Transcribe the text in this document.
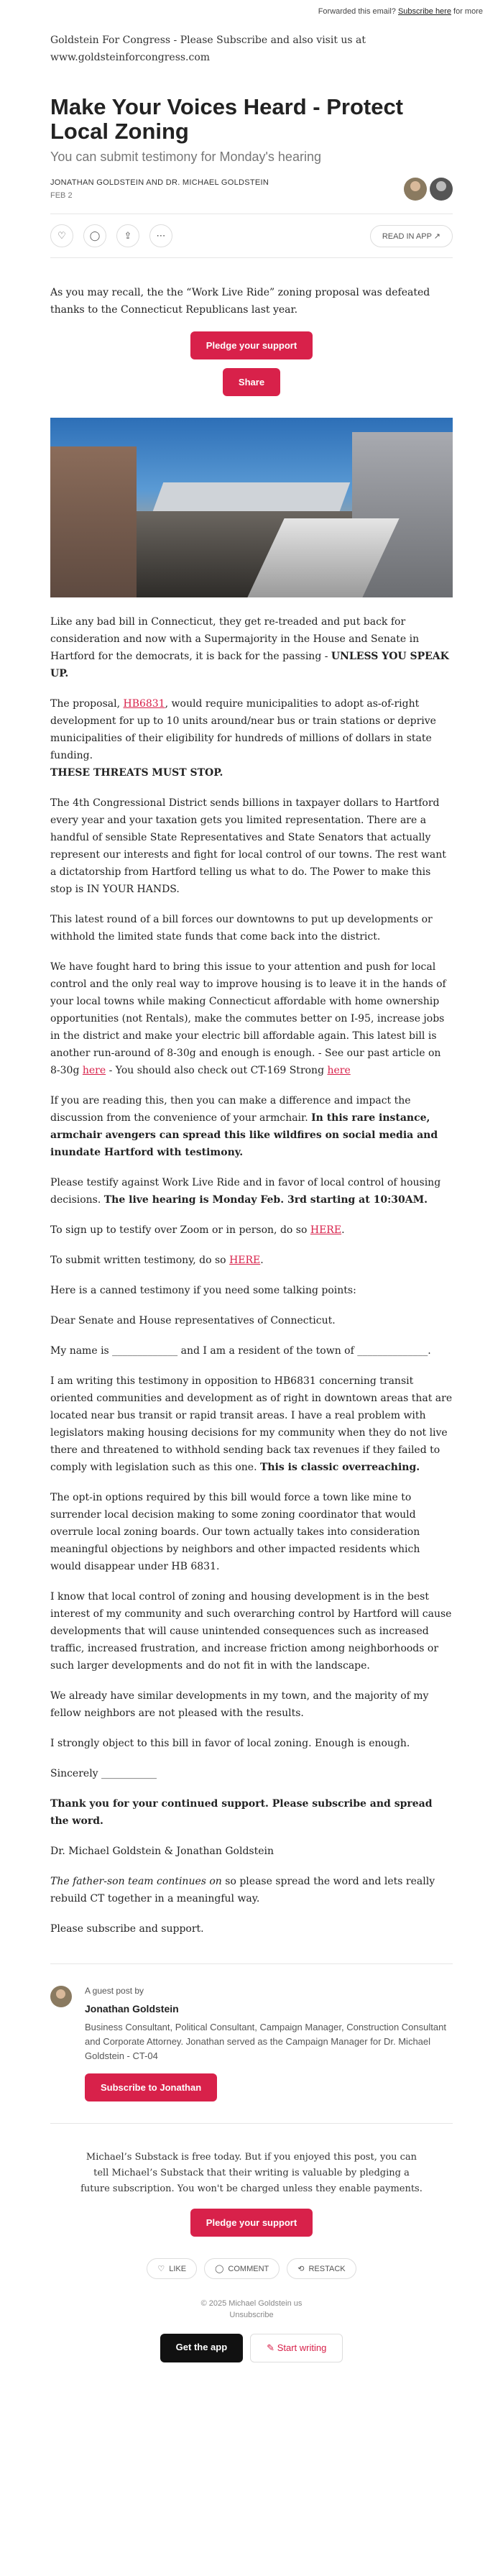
Forwarded this email? Subscribe here for more
Goldstein For Congress - Please Subscribe and also visit us at www.goldsteinforcongress.com
Make Your Voices Heard - Protect Local Zoning
You can submit testimony for Monday's hearing
JONATHAN GOLDSTEIN AND DR. MICHAEL GOLDSTEIN
FEB 2
♡	◯	⇪	⋯	READ IN APP ↗

As you may recall, the the “Work Live Ride” zoning proposal was defeated thanks to the Connecticut Republicans last year.

Pledge your support
Share

Like any bad bill in Connecticut, they get re-treaded and put back for consideration and now with a Supermajority in the House and Senate in Hartford for the democrats, it is back for the passing - UNLESS YOU SPEAK UP.

The proposal, HB6831, would require municipalities to adopt as-of-right development for up to 10 units around/near bus or train stations or deprive municipalities of their eligibility for hundreds of millions of dollars in state funding.
THESE THREATS MUST STOP.

The 4th Congressional District sends billions in taxpayer dollars to Hartford every year and your taxation gets you limited representation. There are a handful of sensible State Representatives and State Senators that actually represent our interests and fight for local control of our towns. The rest want a dictatorship from Hartford telling us what to do. The Power to make this stop is IN YOUR HANDS.

This latest round of a bill forces our downtowns to put up developments or withhold the limited state funds that come back into the district.

We have fought hard to bring this issue to your attention and push for local control and the only real way to improve housing is to leave it in the hands of your local towns while making Connecticut affordable with home ownership opportunities (not Rentals), make the commutes better on I-95, increase jobs in the district and make your electric bill affordable again. This latest bill is another run-around of 8-30g and enough is enough. - See our past article on 8-30g here - You should also check out CT-169 Strong here

If you are reading this, then you can make a difference and impact the discussion from the convenience of your armchair. In this rare instance, armchair avengers can spread this like wildfires on social media and inundate Hartford with testimony.

Please testify against Work Live Ride and in favor of local control of housing decisions. The live hearing is Monday Feb. 3rd starting at 10:30AM.

To sign up to testify over Zoom or in person, do so HERE.

To submit written testimony, do so HERE.

Here is a canned testimony if you need some talking points:

Dear Senate and House representatives of Connecticut.

My name is _____________ and I am a resident of the town of ______________.

I am writing this testimony in opposition to HB6831 concerning transit oriented communities and development as of right in downtown areas that are located near bus transit or rapid transit areas. I have a real problem with legislators making housing decisions for my community when they do not live there and threatened to withhold sending back tax revenues if they failed to comply with legislation such as this one. This is classic overreaching.

The opt-in options required by this bill would force a town like mine to surrender local decision making to some zoning coordinator that would overrule local zoning boards. Our town actually takes into consideration meaningful objections by neighbors and other impacted residents which would disappear under HB 6831.

I know that local control of zoning and housing development is in the best interest of my community and such overarching control by Hartford will cause developments that will cause unintended consequences such as increased traffic, increased frustration, and increase friction among neighborhoods or such larger developments and do not fit in with the landscape.

We already have similar developments in my town, and the majority of my fellow neighbors are not pleased with the results.

I strongly object to this bill in favor of local zoning. Enough is enough.

Sincerely ___________

Thank you for your continued support. Please subscribe and spread the word.

Dr. Michael Goldstein & Jonathan Goldstein

The father-son team continues on so please spread the word and lets really rebuild CT together in a meaningful way.

Please subscribe and support.

A guest post by
Jonathan Goldstein
Business Consultant, Political Consultant, Campaign Manager, Construction Consultant and Corporate Attorney. Jonathan served as the Campaign Manager for Dr. Michael Goldstein - CT-04
Subscribe to Jonathan
Michael’s Substack is free today. But if you enjoyed this post, you can tell Michael’s Substack that their writing is valuable by pledging a future subscription. You won't be charged unless they enable payments.
Pledge your support
♡ LIKE	◯ COMMENT	⟲ RESTACK
© 2025 Michael Goldstein us
Unsubscribe
Get the app	✎ Start writing
